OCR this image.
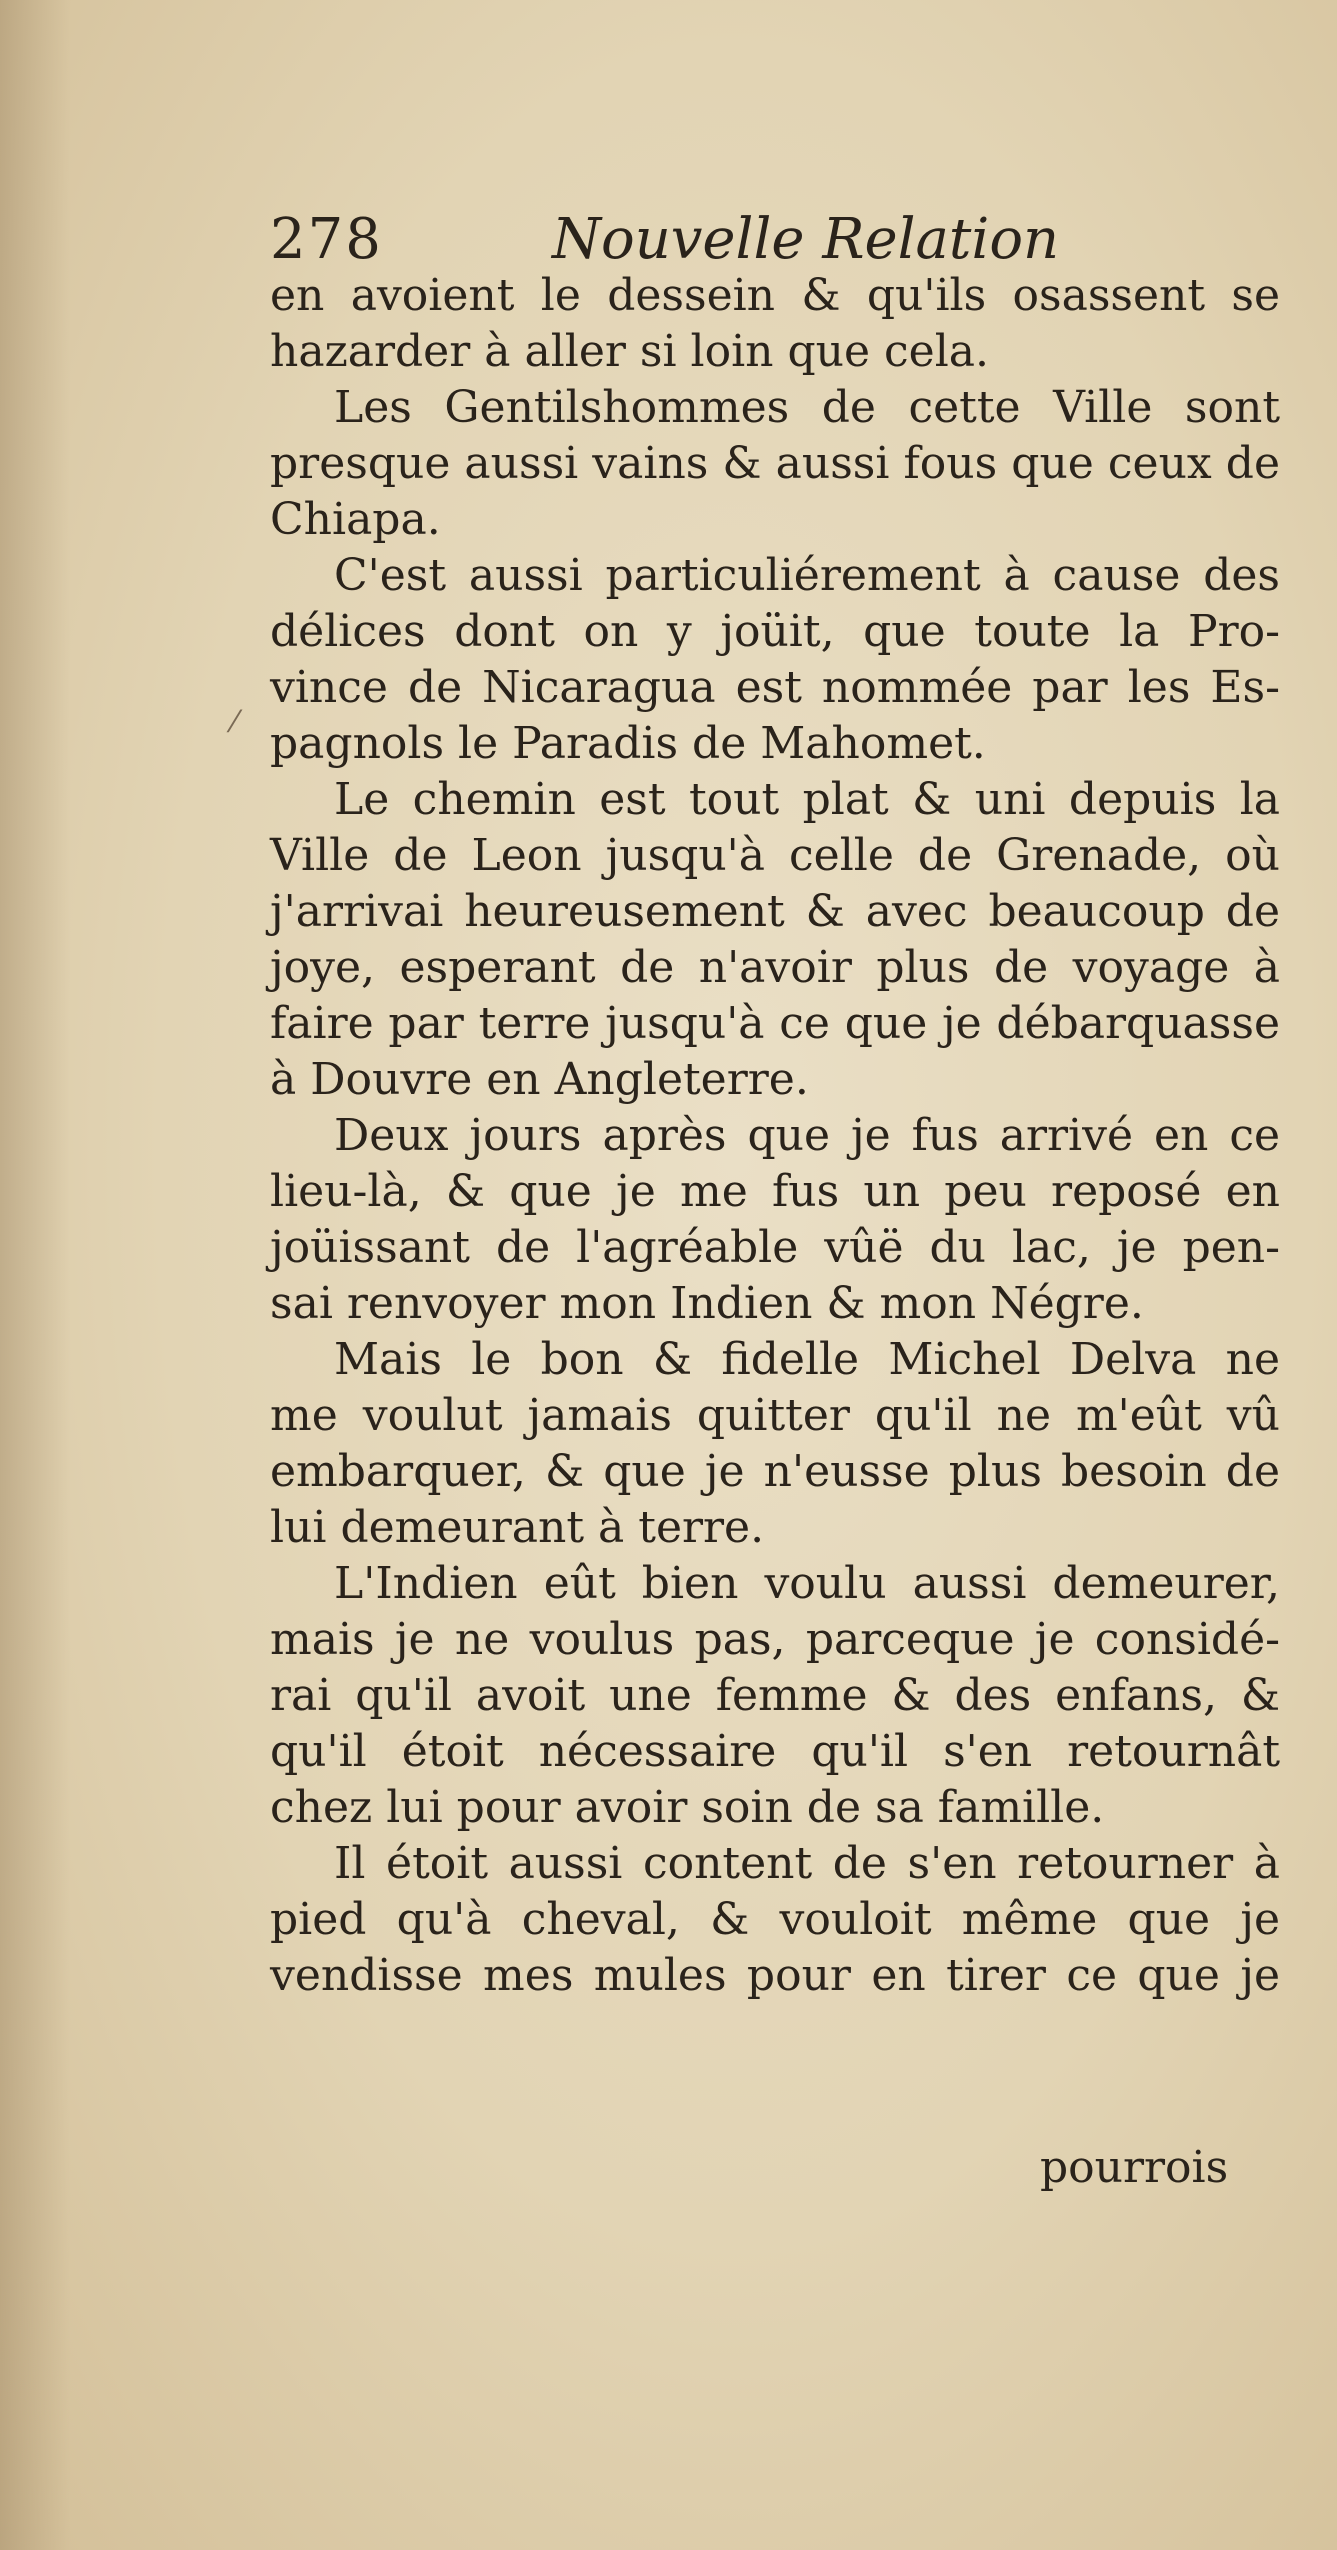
278	Nouvelle Relation
⁄
en avoient le dessein & qu'ils osassent se
hazarder à aller si loin que cela.
Les Gentilshommes de cette Ville sont
presque aussi vains & aussi fous que ceux de
Chiapa.
C'est aussi particuliérement à cause des
délices dont on y joüit, que toute la Pro-
vince de Nicaragua est nommée par les Es-
pagnols le Paradis de Mahomet.
Le chemin est tout plat & uni depuis la
Ville de Leon jusqu'à celle de Grenade, où
j'arrivai heureusement & avec beaucoup de
joye, esperant de n'avoir plus de voyage à
faire par terre jusqu'à ce que je débarquasse
à Douvre en Angleterre.
Deux jours après que je fus arrivé en ce
lieu-là, & que je me fus un peu reposé en
joüissant de l'agréable vûë du lac, je pen-
sai renvoyer mon Indien & mon Négre.
Mais le bon & fidelle Michel Delva ne
me voulut jamais quitter qu'il ne m'eût vû
embarquer, & que je n'eusse plus besoin de
lui demeurant à terre.
L'Indien eût bien voulu aussi demeurer,
mais je ne voulus pas, parceque je considé-
rai qu'il avoit une femme & des enfans, &
qu'il étoit nécessaire qu'il s'en retournât
chez lui pour avoir soin de sa famille.
Il étoit aussi content de s'en retourner à
pied qu'à cheval, & vouloit même que je
vendisse mes mules pour en tirer ce que je
pourrois
